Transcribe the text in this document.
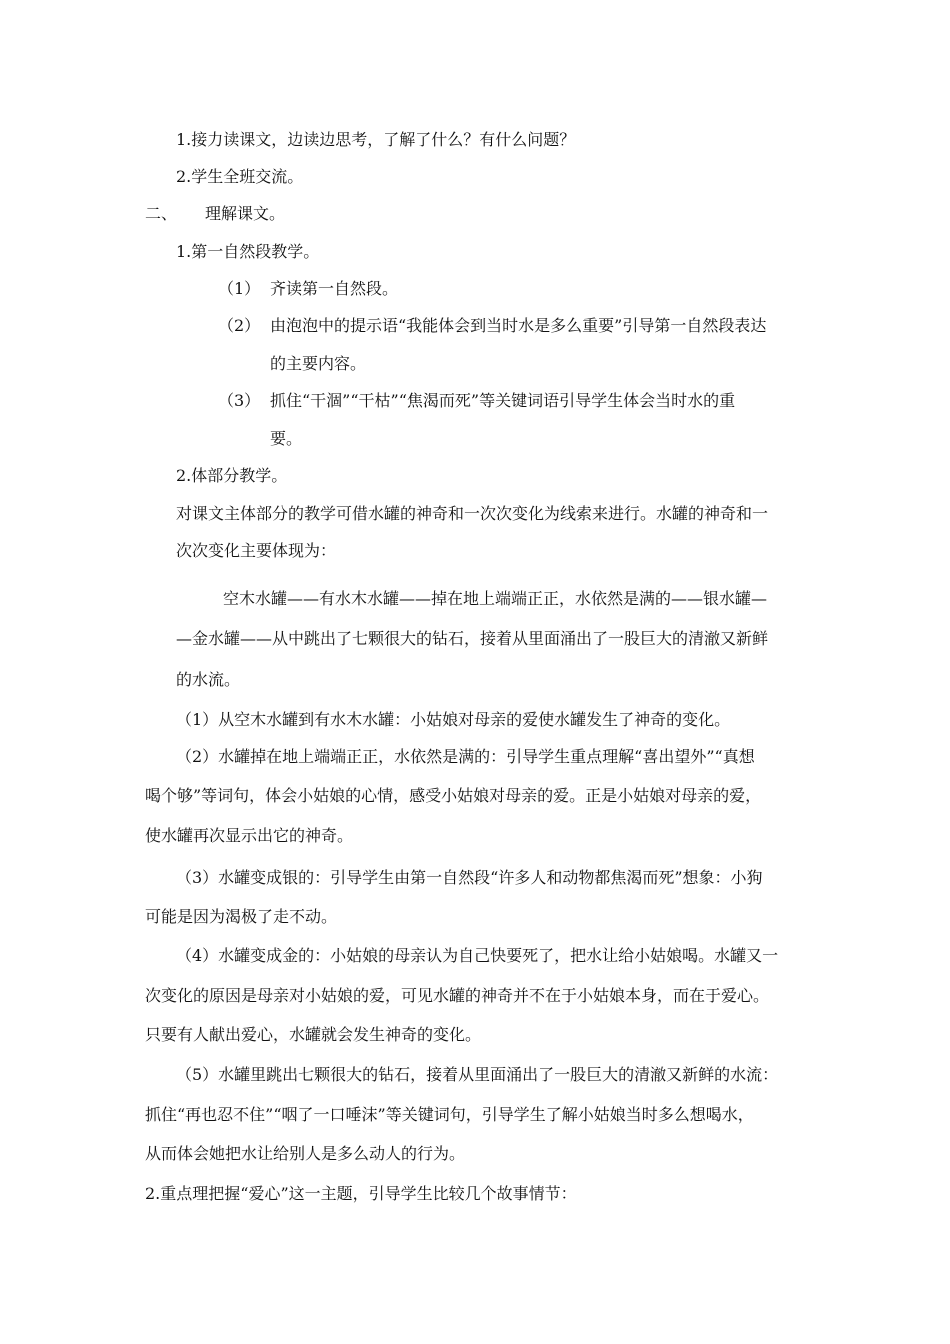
1.接力读课文，边读边思考，了解了什么？有什么问题？
2.学生全班交流。
二、 理解课文。
1.第一自然段教学。
（1） 齐读第一自然段。
（2） 由泡泡中的提示语“我能体会到当时水是多么重要”引导第一自然段表达
的主要内容。
（3） 抓住“干涸”“干枯”“焦渴而死”等关键词语引导学生体会当时水的重
要。
2.体部分教学。
对课文主体部分的教学可借水罐的神奇和一次次变化为线索来进行。水罐的神奇和一
次次变化主要体现为：
空木水罐——有水木水罐——掉在地上端端正正，水依然是满的——银水罐—
—金水罐——从中跳出了七颗很大的钻石，接着从里面涌出了一股巨大的清澈又新鲜
的水流。
（1）从空木水罐到有水木水罐：小姑娘对母亲的爱使水罐发生了神奇的变化。
（2）水罐掉在地上端端正正，水依然是满的：引导学生重点理解“喜出望外”“真想
喝个够”等词句，体会小姑娘的心情，感受小姑娘对母亲的爱。正是小姑娘对母亲的爱，
使水罐再次显示出它的神奇。
（3）水罐变成银的：引导学生由第一自然段“许多人和动物都焦渴而死”想象：小狗
可能是因为渴极了走不动。
（4）水罐变成金的：小姑娘的母亲认为自己快要死了，把水让给小姑娘喝。水罐又一
次变化的原因是母亲对小姑娘的爱，可见水罐的神奇并不在于小姑娘本身，而在于爱心。
只要有人献出爱心，水罐就会发生神奇的变化。
（5）水罐里跳出七颗很大的钻石，接着从里面涌出了一股巨大的清澈又新鲜的水流：
抓住“再也忍不住”“咽了一口唾沫”等关键词句，引导学生了解小姑娘当时多么想喝水，
从而体会她把水让给别人是多么动人的行为。
2.重点理把握“爱心”这一主题，引导学生比较几个故事情节：
